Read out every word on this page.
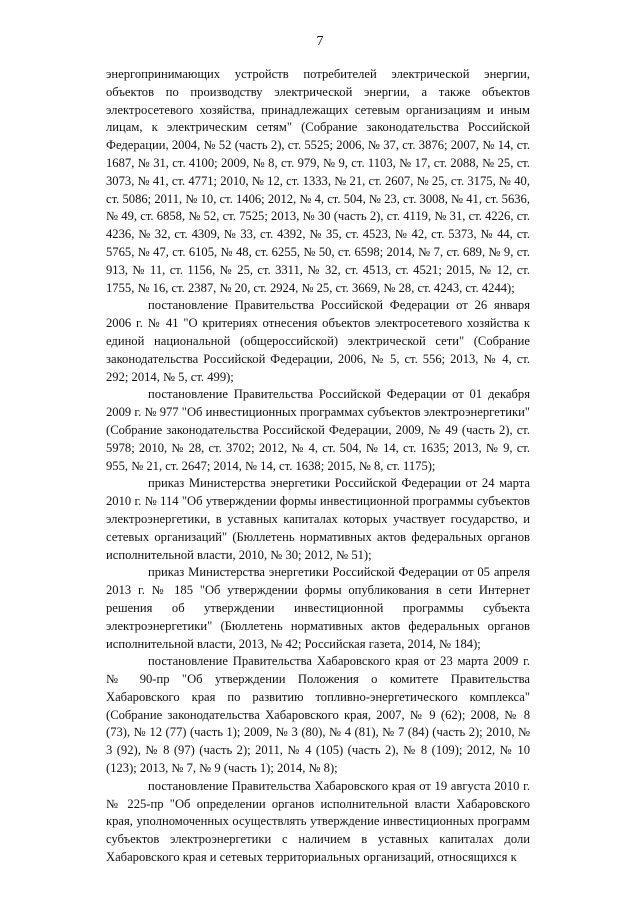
7

энергопринимающих устройств потребителей электрической энергии, объектов по производству электрической энергии, а также объектов электросетевого хозяйства, принадлежащих сетевым организациям и иным лицам, к электрическим сетям" (Собрание законодательства Российской Федерации, 2004, № 52 (часть 2), ст. 5525; 2006, № 37, ст. 3876; 2007, № 14, ст. 1687, № 31, ст. 4100; 2009, № 8, ст. 979, № 9, ст. 1103, № 17, ст. 2088, № 25, ст. 3073, № 41, ст. 4771; 2010, № 12, ст. 1333, № 21, ст. 2607, № 25, ст. 3175, № 40, ст. 5086; 2011, № 10, ст. 1406; 2012, № 4, ст. 504, № 23, ст. 3008, № 41, ст. 5636, № 49, ст. 6858, № 52, ст. 7525; 2013, № 30 (часть 2), ст. 4119, № 31, ст. 4226, ст. 4236, № 32, ст. 4309, № 33, ст. 4392, № 35, ст. 4523, № 42, ст. 5373, № 44, ст. 5765, № 47, ст. 6105, № 48, ст. 6255, № 50, ст. 6598; 2014, № 7, ст. 689, № 9, ст. 913, № 11, ст. 1156, № 25, ст. 3311, № 32, ст. 4513, ст. 4521; 2015, № 12, ст. 1755, № 16, ст. 2387, № 20, ст. 2924, № 25, ст. 3669, № 28, ст. 4243, ст. 4244);

постановление Правительства Российской Федерации от 26 января 2006 г. № 41 "О критериях отнесения объектов электросетевого хозяйства к единой национальной (общероссийской) электрической сети" (Собрание законодательства Российской Федерации, 2006, № 5, ст. 556; 2013, № 4, ст. 292; 2014, № 5, ст. 499);

постановление Правительства Российской Федерации от 01 декабря 2009 г. № 977 "Об инвестиционных программах субъектов электроэнергетики" (Собрание законодательства Российской Федерации, 2009, № 49 (часть 2), ст. 5978; 2010, № 28, ст. 3702; 2012, № 4, ст. 504, № 14, ст. 1635; 2013, № 9, ст. 955, № 21, ст. 2647; 2014, № 14, ст. 1638; 2015, № 8, ст. 1175);

приказ Министерства энергетики Российской Федерации от 24 марта 2010 г. № 114 "Об утверждении формы инвестиционной программы субъектов электроэнергетики, в уставных капиталах которых участвует государство, и сетевых организаций" (Бюллетень нормативных актов федеральных органов исполнительной власти, 2010, № 30; 2012, № 51);

приказ Министерства энергетики Российской Федерации от 05 апреля 2013 г. № 185 "Об утверждении формы опубликования в сети Интернет решения об утверждении инвестиционной программы субъекта электроэнергетики" (Бюллетень нормативных актов федеральных органов исполнительной власти, 2013, № 42; Российская газета, 2014, № 184);

постановление Правительства Хабаровского края от 23 марта 2009 г. № 90-пр "Об утверждении Положения о комитете Правительства Хабаровского края по развитию топливно-энергетического комплекса" (Собрание законодательства Хабаровского края, 2007, № 9 (62); 2008, № 8 (73), № 12 (77) (часть 1); 2009, № 3 (80), № 4 (81), № 7 (84) (часть 2); 2010, № 3 (92), № 8 (97) (часть 2); 2011, № 4 (105) (часть 2), № 8 (109); 2012, № 10 (123); 2013, № 7, № 9 (часть 1); 2014, № 8);

постановление Правительства Хабаровского края от 19 августа 2010 г. № 225-пр "Об определении органов исполнительной власти Хабаровского края, уполномоченных осуществлять утверждение инвестиционных программ субъектов электроэнергетики с наличием в уставных капиталах доли Хабаровского края и сетевых территориальных организаций, относящихся к
